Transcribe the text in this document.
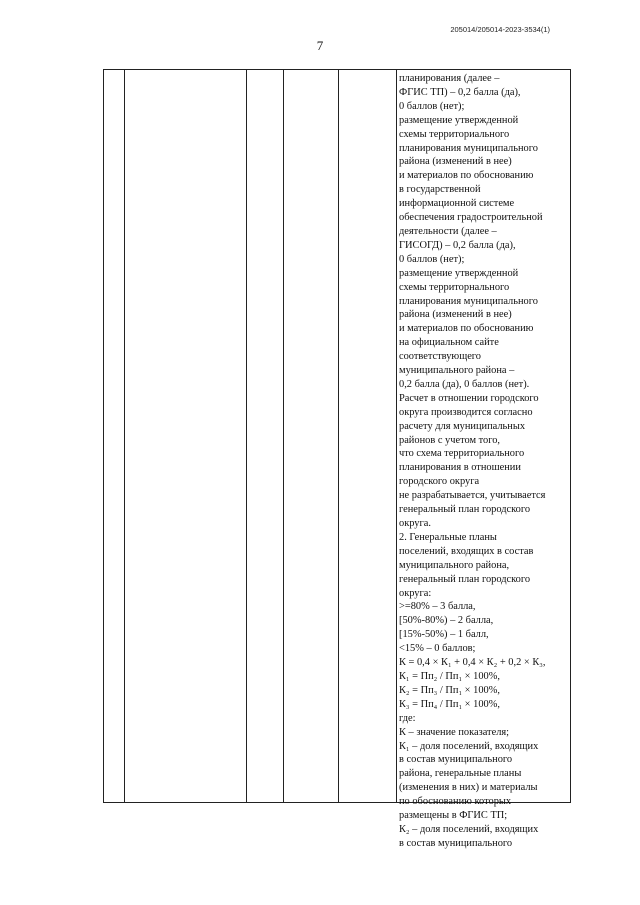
205014/205014-2023-3534(1)
7
планирования (далее –
ФГИС ТП) – 0,2 балла (да),
0 баллов (нет);
размещение утвержденной
схемы территориального
планирования муниципального
района (изменений в нее)
и материалов по обоснованию
в государственной
информационной системе
обеспечения градостроительной
деятельности (далее –
ГИСОГД) – 0,2 балла (да),
0 баллов (нет);
размещение утвержденной
схемы территорнального
планирования муниципального
района (изменений в нее)
и материалов по обоснованию
на официальном сайте
соответствующего
муниципального района –
0,2 балла (да), 0 баллов (нет).
Расчет в отношении городского
округа производится согласно
расчету для муниципальных
районов с учетом того,
что схема территориального
планирования в отношении
городского округа
не разрабатывается, учитывается
генеральный план городского
округа.
2. Генеральные планы
поселений, входящих в состав
муниципального района,
генеральный план городского
округа:
>=80% – 3 балла,
[50%-80%) – 2 балла,
[15%-50%) – 1 балл,
<15% – 0 баллов;
К = 0,4 × К₁ + 0,4 × К₂ + 0,2 × К₃,
К₁ = Пп₂ / Пп₁ × 100%,
К₂ = Пп₃ / Пп₁ × 100%,
К₃ = Пп₄ / Пп₁ × 100%,
где:
К – значение показателя;
К₁ – доля поселений, входящих
в состав муниципального
района, генеральные планы
(изменения в них) и материалы
по обоснованию которых
размещены в ФГИС ТП;
К₂ – доля поселений, входящих
в состав муниципального
